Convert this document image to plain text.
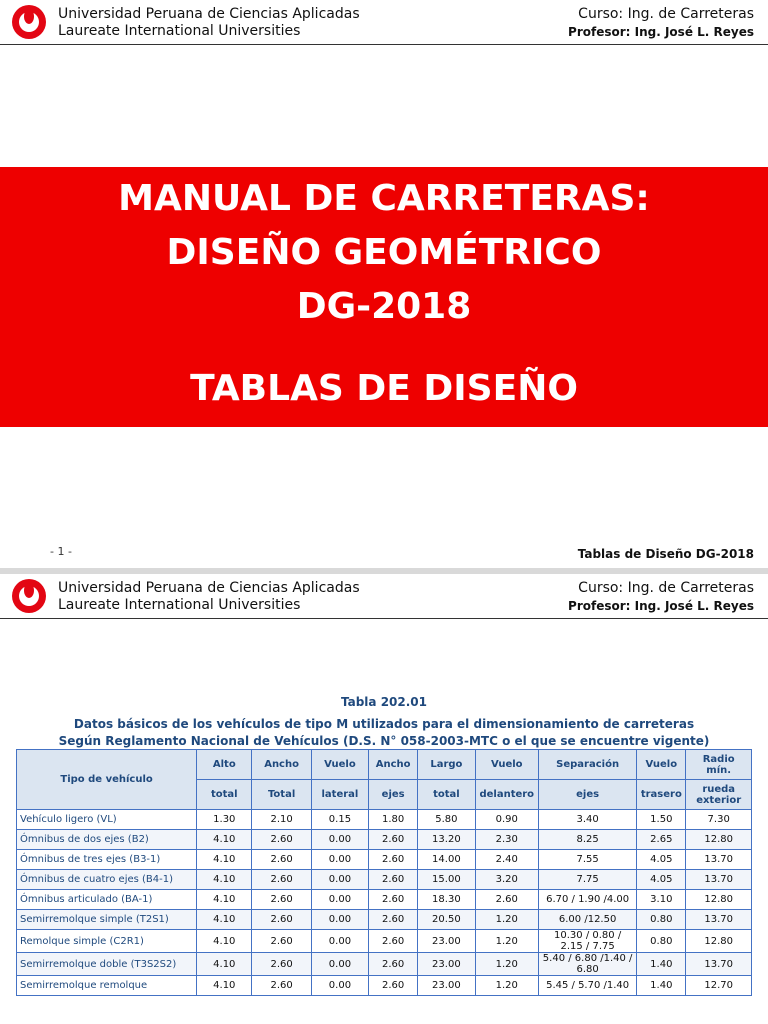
Universidad Peruana de Ciencias Aplicadas
Laureate International Universities
Curso: Ing. de Carreteras
Profesor: Ing. José L. Reyes
MANUAL DE CARRETERAS:
DISEÑO GEOMÉTRICO
DG-2018
TABLAS DE DISEÑO
- 1 -	Tablas de Diseño DG-2018
Universidad Peruana de Ciencias Aplicadas
Laureate International Universities
Curso: Ing. de Carreteras
Profesor: Ing. José L. Reyes
Tabla 202.01
Datos básicos de los vehículos de tipo M utilizados para el dimensionamiento de carreteras
Según Reglamento Nacional de Vehículos (D.S. N° 058-2003-MTC o el que se encuentre vigente)
Tipo de vehículo	Alto	Ancho	Vuelo	Ancho	Largo	Vuelo	Separación	Vuelo	Radio mín.
	total	Total	lateral	ejes	total	delantero	ejes	trasero	rueda exterior
Vehículo ligero (VL)	1.30	2.10	0.15	1.80	5.80	0.90	3.40	1.50	7.30
Ómnibus de dos ejes (B2)	4.10	2.60	0.00	2.60	13.20	2.30	8.25	2.65	12.80
Ómnibus de tres ejes (B3-1)	4.10	2.60	0.00	2.60	14.00	2.40	7.55	4.05	13.70
Ómnibus de cuatro ejes (B4-1)	4.10	2.60	0.00	2.60	15.00	3.20	7.75	4.05	13.70
Ómnibus articulado (BA-1)	4.10	2.60	0.00	2.60	18.30	2.60	6.70 / 1.90 /4.00	3.10	12.80
Semirremolque simple (T2S1)	4.10	2.60	0.00	2.60	20.50	1.20	6.00 /12.50	0.80	13.70
Remolque simple (C2R1)	4.10	2.60	0.00	2.60	23.00	1.20	10.30 / 0.80 / 2.15 / 7.75	0.80	12.80
Semirremolque doble (T3S2S2)	4.10	2.60	0.00	2.60	23.00	1.20	5.40 / 6.80 /1.40 / 6.80	1.40	13.70
Semirremolque remolque	4.10	2.60	0.00	2.60	23.00	1.20	5.45 / 5.70 /1.40	1.40	12.70
